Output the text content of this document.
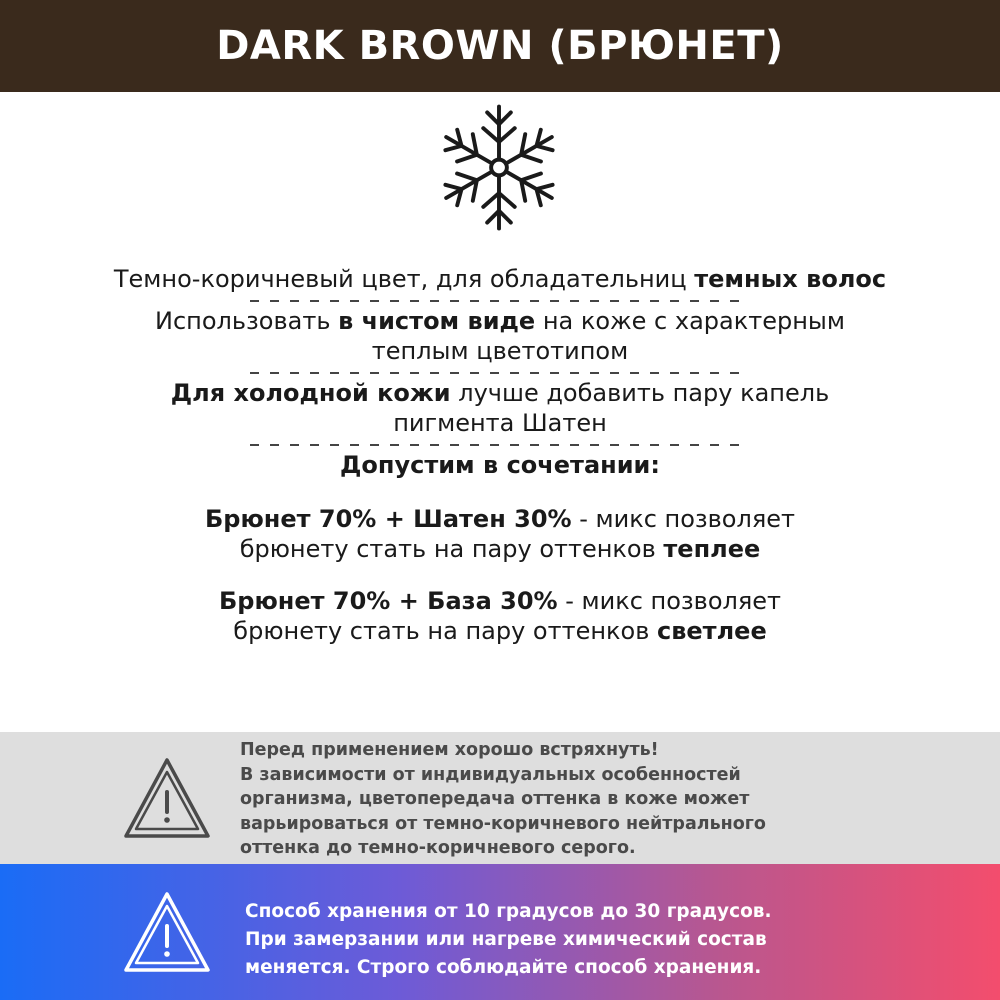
DARK BROWN (БРЮНЕТ)
Темно-коричневый цвет, для обладательниц темных волос
Использовать в чистом виде на коже с характерным
теплым цветотипом
Для холодной кожи лучше добавить пару капель
пигмента Шатен
Допустим в сочетании:
Брюнет 70% + Шатен 30% - микс позволяет
брюнету стать на пару оттенков теплее
Брюнет 70% + База 30% - микс позволяет
брюнету стать на пару оттенков светлее
Перед применением хорошо встряхнуть!
В зависимости от индивидуальных особенностей
организма, цветопередача оттенка в коже может
варьироваться от темно-коричневого нейтрального
оттенка до темно-коричневого серого.
Способ хранения от 10 градусов до 30 градусов.
При замерзании или нагреве химический состав
меняется. Строго соблюдайте способ хранения.
